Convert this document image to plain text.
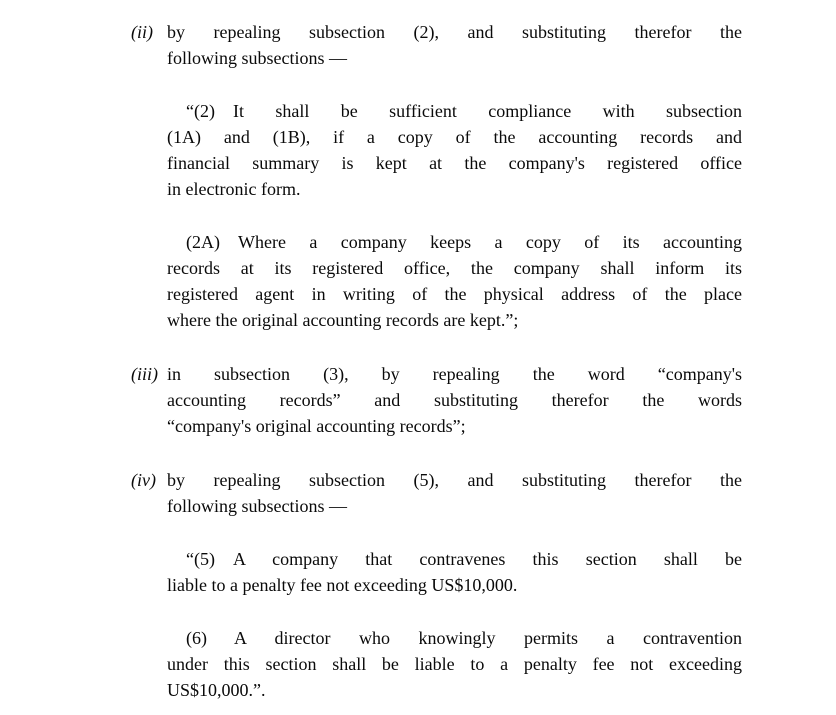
(ii) by repealing subsection (2), and substituting therefor the
following subsections —
“(2) It shall be sufficient compliance with subsection
(1A) and (1B), if a copy of the accounting records and
financial summary is kept at the company's registered office
in electronic form.
(2A) Where a company keeps a copy of its accounting
records at its registered office, the company shall inform its
registered agent in writing of the physical address of the place
where the original accounting records are kept.”;
(iii) in subsection (3), by repealing the word “company's
accounting records” and substituting therefor the words
“company's original accounting records”;
(iv) by repealing subsection (5), and substituting therefor the
following subsections —
“(5) A company that contravenes this section shall be
liable to a penalty fee not exceeding US$10,000.
(6)  A director who knowingly permits a contravention
under this section shall be liable to a penalty fee not exceeding
US$10,000.”.
